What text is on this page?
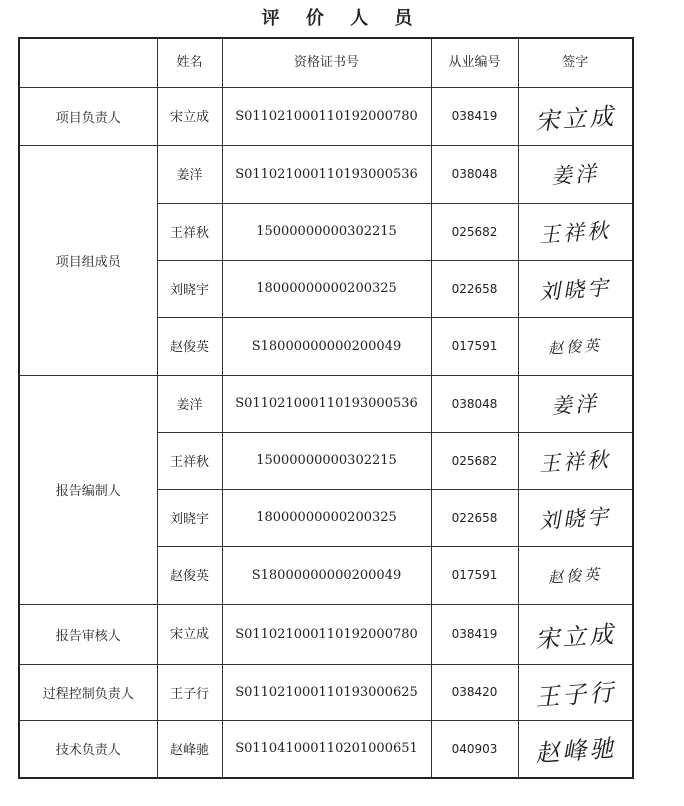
评 价 人 员
	姓名	资格证书号	从业编号	签字
项目负责人	宋立成	S011021000110192000780	038419	宋立成
项目组成员	姜洋	S011021000110193000536	038048	姜洋
	王祥秋	15000000000302215	025682	王祥秋
	刘晓宇	18000000000200325	022658	刘晓宇
	赵俊英	S18000000000200049	017591	赵俊英
报告编制人	姜洋	S011021000110193000536	038048	姜洋
	王祥秋	15000000000302215	025682	王祥秋
	刘晓宇	18000000000200325	022658	刘晓宇
	赵俊英	S18000000000200049	017591	赵俊英
报告审核人	宋立成	S011021000110192000780	038419	宋立成
过程控制负责人	王子行	S011021000110193000625	038420	王子行
技术负责人	赵峰驰	S011041000110201000651	040903	赵峰驰
